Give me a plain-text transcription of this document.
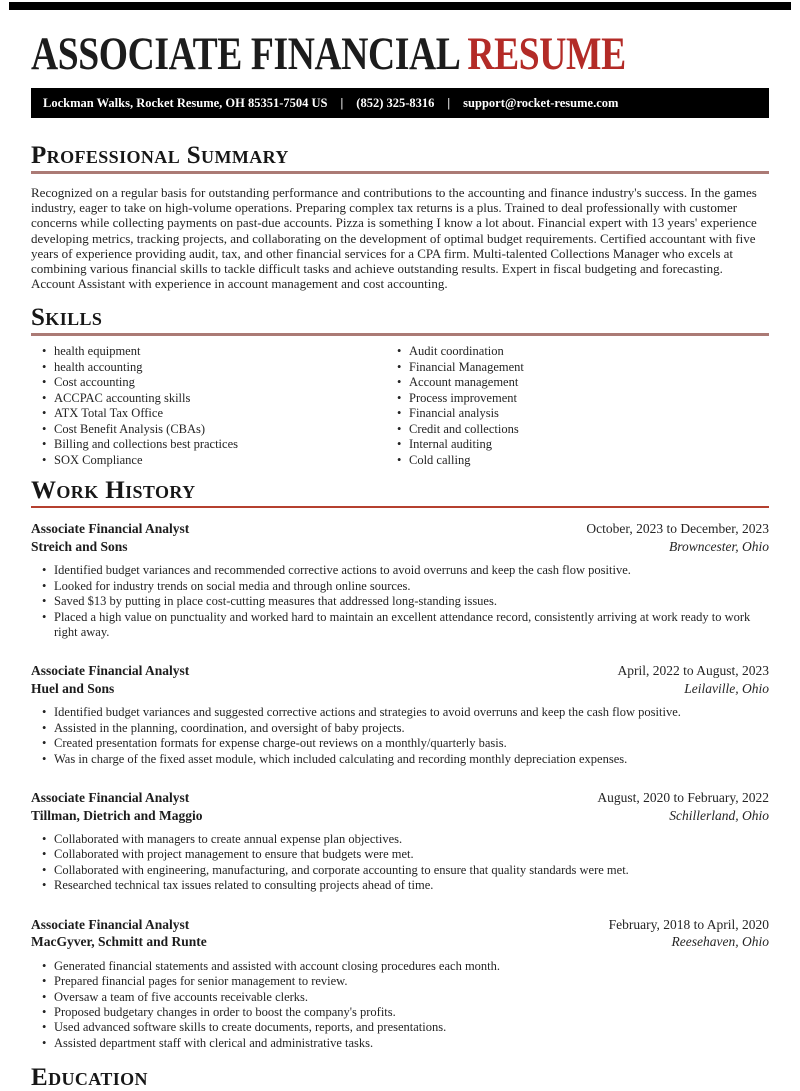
ASSOCIATE FINANCIAL RESUME
Lockman Walks, Rocket Resume, OH 85351-7504 US | (852) 325-8316 | support@rocket-resume.com
Professional Summary

Recognized on a regular basis for outstanding performance and contributions to the accounting and finance industry's success. In the games industry, eager to take on high-volume operations. Preparing complex tax returns is a plus. Trained to deal professionally with customer concerns while collecting payments on past-due accounts. Pizza is something I know a lot about. Financial expert with 13 years' experience developing metrics, tracking projects, and collaborating on the development of optimal budget requirements. Certified accountant with five years of experience providing audit, tax, and other financial services for a CPA firm. Multi-talented Collections Manager who excels at combining various financial skills to tackle difficult tasks and achieve outstanding results. Expert in fiscal budgeting and forecasting. Account Assistant with experience in account management and cost accounting.

Skills
• health equipment
• health accounting
• Cost accounting
• ACCPAC accounting skills
• ATX Total Tax Office
• Cost Benefit Analysis (CBAs)
• Billing and collections best practices
• SOX Compliance
• Audit coordination
• Financial Management
• Account management
• Process improvement
• Financial analysis
• Credit and collections
• Internal auditing
• Cold calling
Work History
Associate Financial Analyst	October, 2023 to December, 2023
Streich and Sons	Browncester, Ohio
• Identified budget variances and recommended corrective actions to avoid overruns and keep the cash flow positive.
• Looked for industry trends on social media and through online sources.
• Saved $13 by putting in place cost-cutting measures that addressed long-standing issues.
• Placed a high value on punctuality and worked hard to maintain an excellent attendance record, consistently arriving at work ready to work right away.
Associate Financial Analyst	April, 2022 to August, 2023
Huel and Sons	Leilaville, Ohio
• Identified budget variances and suggested corrective actions and strategies to avoid overruns and keep the cash flow positive.
• Assisted in the planning, coordination, and oversight of baby projects.
• Created presentation formats for expense charge-out reviews on a monthly/quarterly basis.
• Was in charge of the fixed asset module, which included calculating and recording monthly depreciation expenses.
Associate Financial Analyst	August, 2020 to February, 2022
Tillman, Dietrich and Maggio	Schillerland, Ohio
• Collaborated with managers to create annual expense plan objectives.
• Collaborated with project management to ensure that budgets were met.
• Collaborated with engineering, manufacturing, and corporate accounting to ensure that quality standards were met.
• Researched technical tax issues related to consulting projects ahead of time.
Associate Financial Analyst	February, 2018 to April, 2020
MacGyver, Schmitt and Runte	Reesehaven, Ohio
• Generated financial statements and assisted with account closing procedures each month.
• Prepared financial pages for senior management to review.
• Oversaw a team of five accounts receivable clerks.
• Proposed budgetary changes in order to boost the company's profits.
• Used advanced software skills to create documents, reports, and presentations.
• Assisted department staff with clerical and administrative tasks.
Education
